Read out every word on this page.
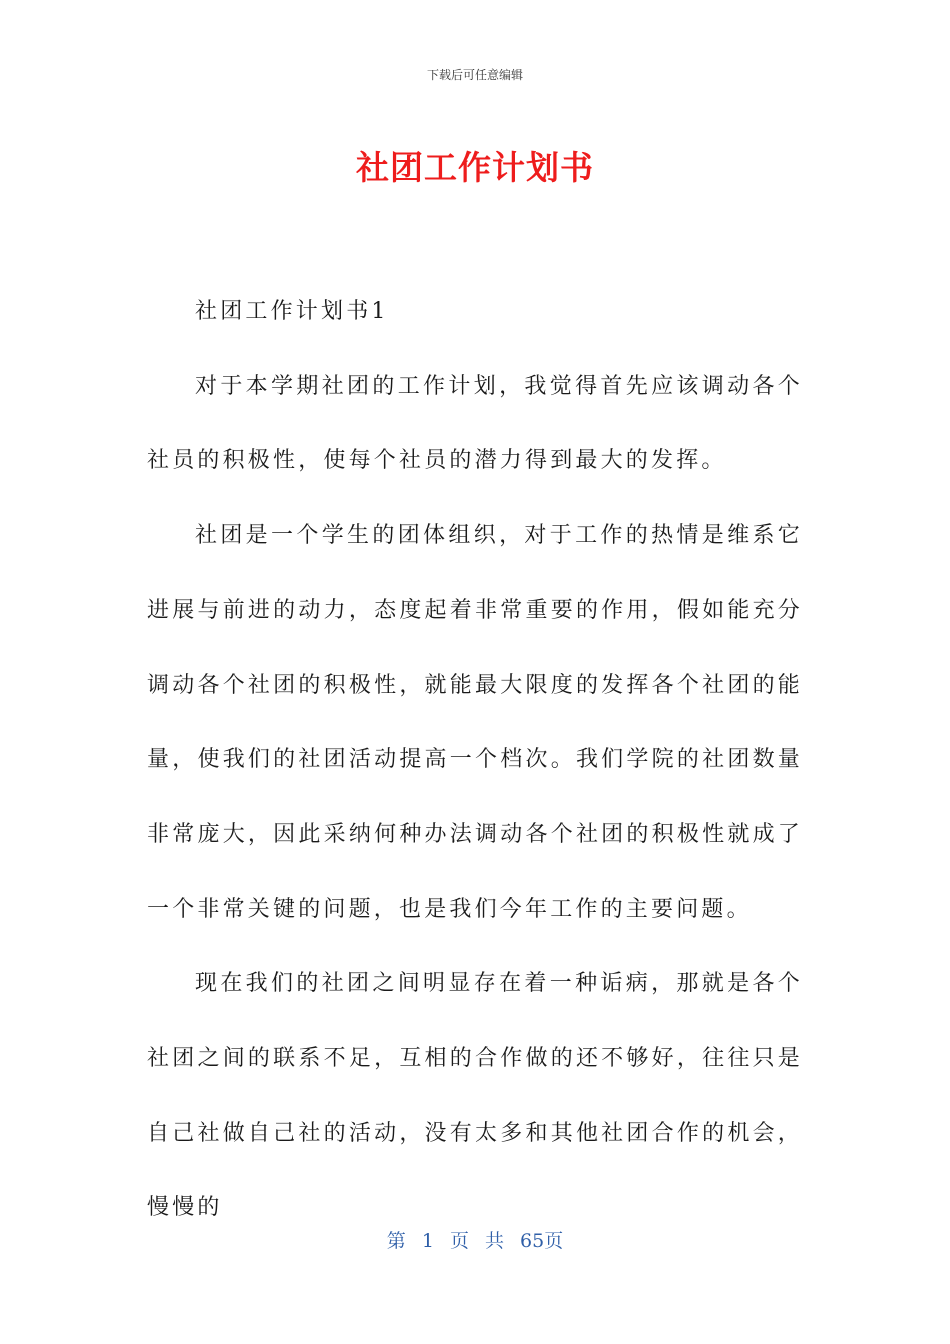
下载后可任意编辑
社团工作计划书

社团工作计划书1

对于本学期社团的工作计划，我觉得首先应该调动各个社员的积极性，使每个社员的潜力得到最大的发挥。

社团是一个学生的团体组织，对于工作的热情是维系它进展与前进的动力，态度起着非常重要的作用，假如能充分调动各个社团的积极性，就能最大限度的发挥各个社团的能量，使我们的社团活动提高一个档次。我们学院的社团数量非常庞大，因此采纳何种办法调动各个社团的积极性就成了一个非常关键的问题，也是我们今年工作的主要问题。

现在我们的社团之间明显存在着一种诟病，那就是各个社团之间的联系不足，互相的合作做的还不够好，往往只是自己社做自己社的活动，没有太多和其他社团合作的机会，慢慢的

第 1 页 共 65页
